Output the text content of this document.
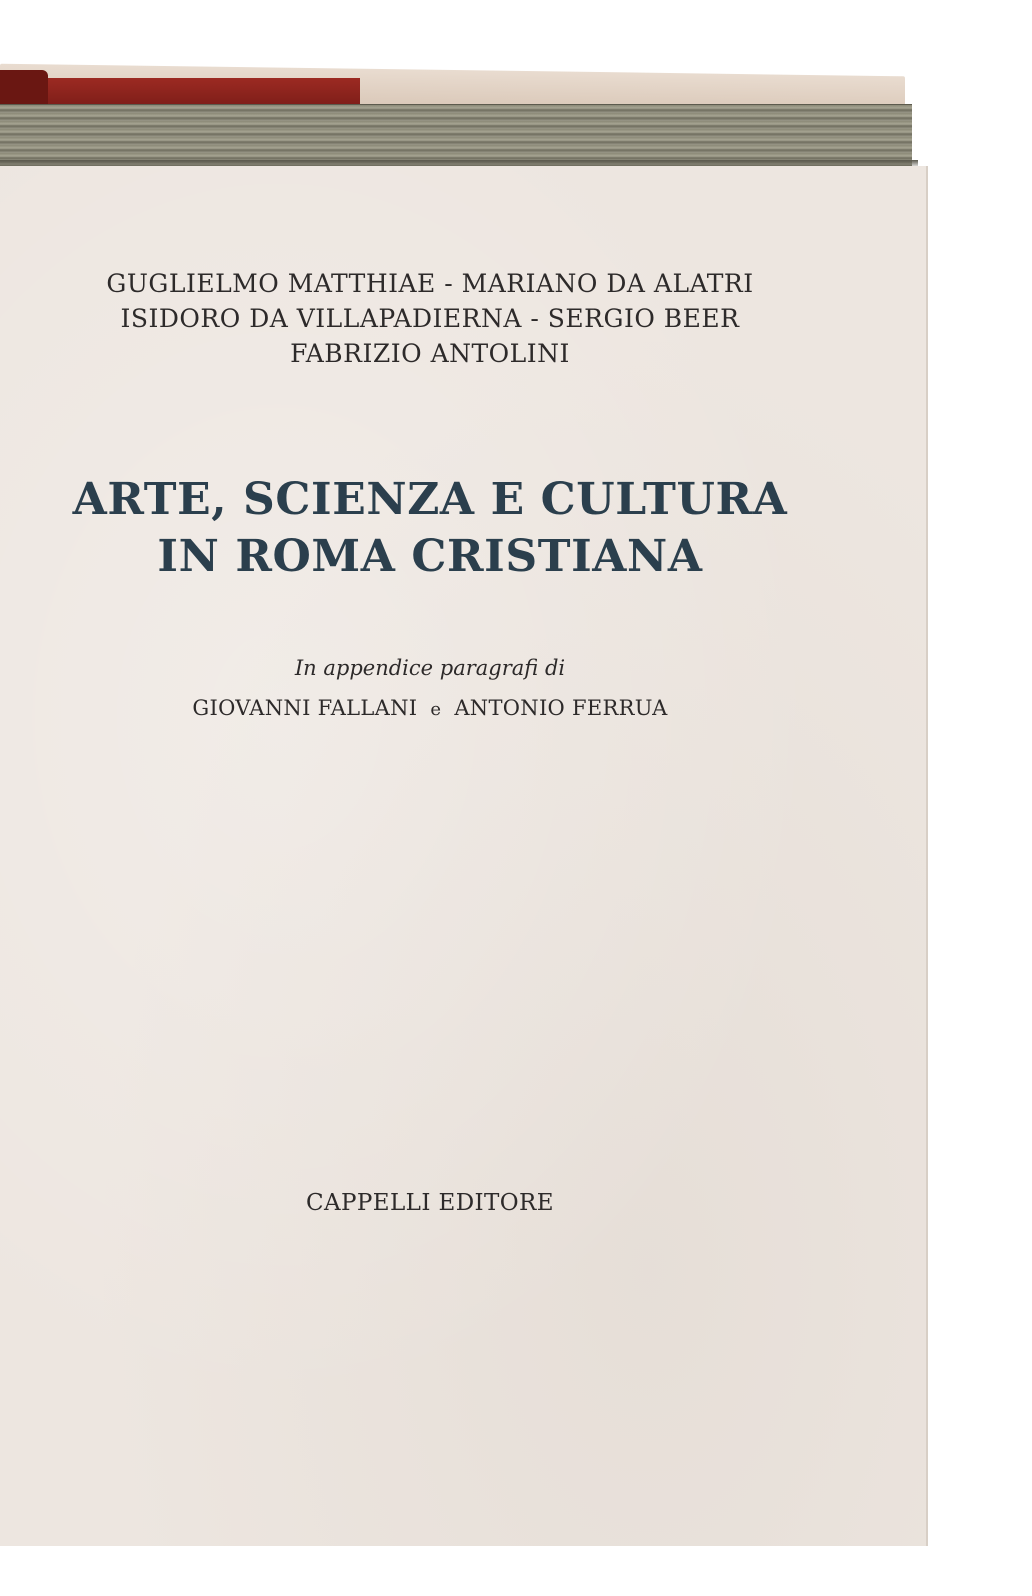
GUGLIELMO MATTHIAE - MARIANO DA ALATRI
ISIDORO DA VILLAPADIERNA - SERGIO BEER
FABRIZIO ANTOLINI
ARTE, SCIENZA E CULTURA
IN ROMA CRISTIANA
In appendice paragrafi di
GIOVANNI FALLANI e ANTONIO FERRUA
CAPPELLI EDITORE
